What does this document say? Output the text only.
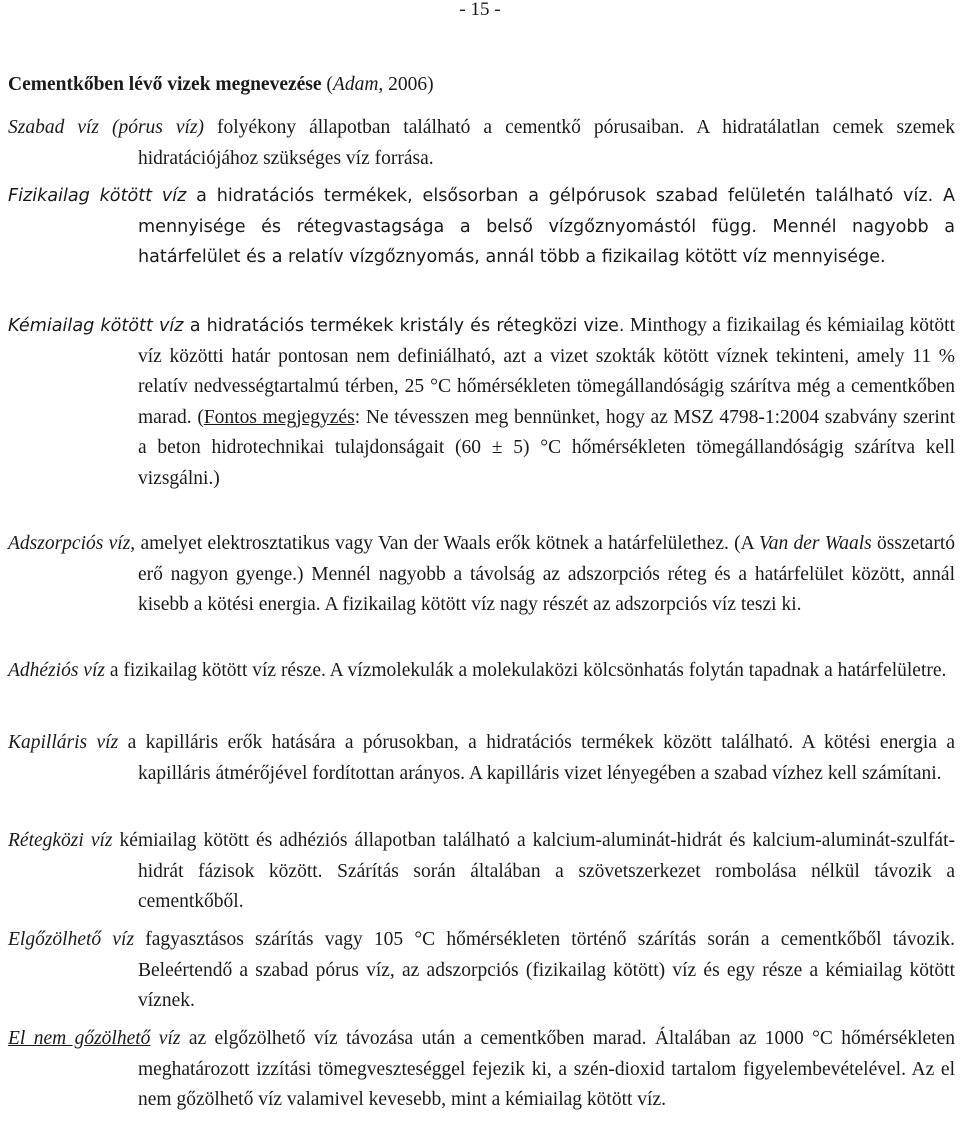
- 15 -
Cementkőben lévő vizek megnevezése (Adam, 2006)
Szabad víz (pórus víz) folyékony állapotban található a cementkő pórusaiban. A hidratálatlan cemek szemek hidratációjához szükséges víz forrása.
Fizikailag kötött víz a hidratációs termékek, elsősorban a gélpórusok szabad felületén található víz. A mennyisége és rétegvastagsága a belső vízgőznyomástól függ. Mennél nagyobb a határfelület és a relatív vízgőznyomás, annál több a fizikailag kötött víz mennyisége.
Kémiailag kötött víz a hidratációs termékek kristály és rétegközi vize. Minthogy a fizikailag és kémiailag kötött víz közötti határ pontosan nem definiálható, azt a vizet szokták kötött víznek tekinteni, amely 11 % relatív nedvességtartalmú térben, 25 °C hőmérsékleten tömegállandóságig szárítva még a cementkőben marad. (Fontos megjegyzés: Ne tévesszen meg bennünket, hogy az MSZ 4798-1:2004 szabvány szerint a beton hidrotechnikai tulajdonságait (60 ± 5) °C hőmérsékleten tömegállandóságig szárítva kell vizsgálni.)
Adszorpciós víz, amelyet elektrosztatikus vagy Van der Waals erők kötnek a határfelülethez. (A Van der Waals összetartó erő nagyon gyenge.) Mennél nagyobb a távolság az adszorpciós réteg és a határfelület között, annál kisebb a kötési energia. A fizikailag kötött víz nagy részét az adszorpciós víz teszi ki.
Adhéziós víz a fizikailag kötött víz része. A vízmolekulák a molekulaközi kölcsönhatás folytán tapadnak a határfelületre.
Kapilláris víz a kapilláris erők hatására a pórusokban, a hidratációs termékek között található. A kötési energia a kapilláris átmérőjével fordítottan arányos. A kapilláris vizet lényegében a szabad vízhez kell számítani.
Rétegközi víz kémiailag kötött és adhéziós állapotban található a kalcium-aluminát-hidrát és kalcium-aluminát-szulfát-hidrát fázisok között. Szárítás során általában a szövetszerkezet rombolása nélkül távozik a cementkőből.
Elgőzölhető víz fagyasztásos szárítás vagy 105 °C hőmérsékleten történő szárítás során a cementkőből távozik. Beleértendő a szabad pórus víz, az adszorpciós (fizikailag kötött) víz és egy része a kémiailag kötött víznek.
El nem gőzölhető víz az elgőzölhető víz távozása után a cementkőben marad. Általában az 1000 °C hőmérsékleten meghatározott izzítási tömegveszteséggel fejezik ki, a szén-dioxid tartalom figyelembevételével. Az el nem gőzölhető víz valamivel kevesebb, mint a kémiailag kötött víz.
